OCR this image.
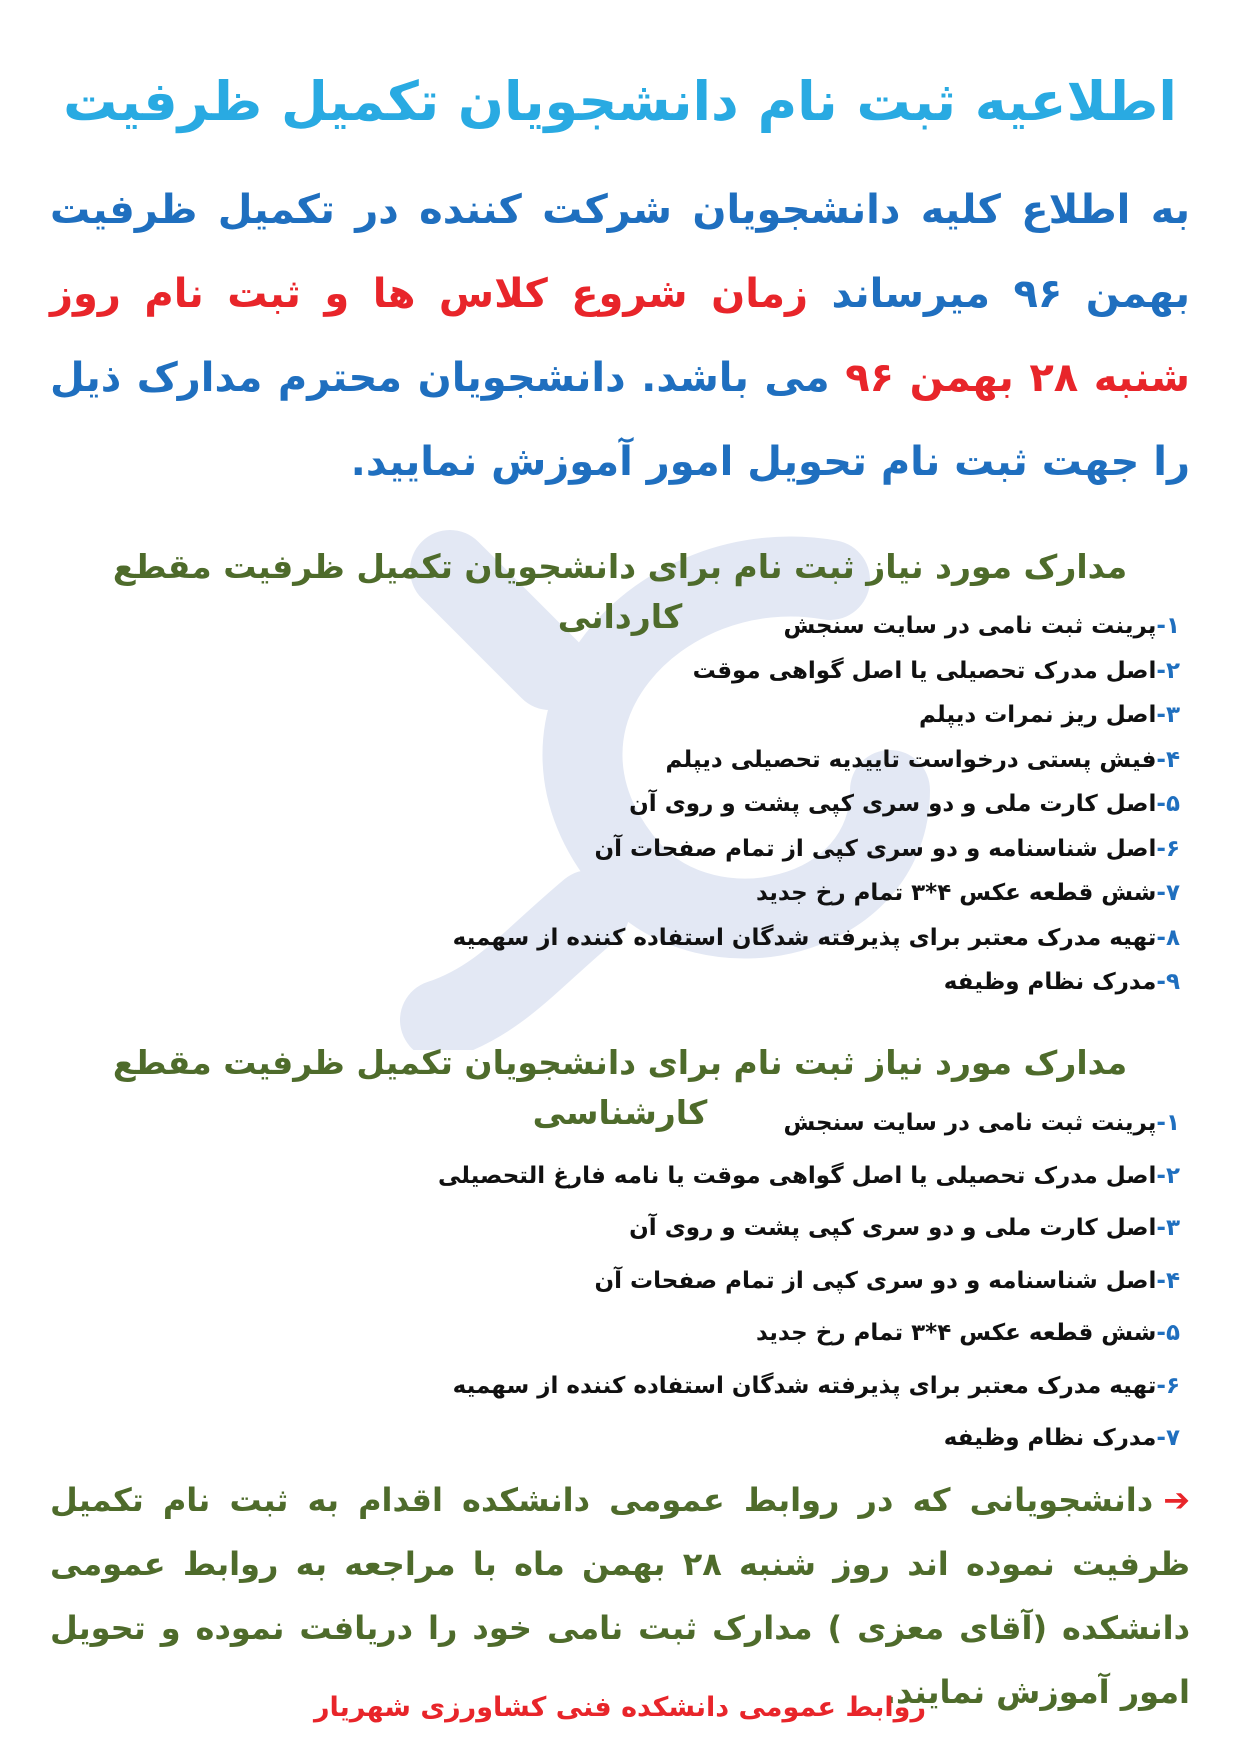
اطلاعیه ثبت نام دانشجویان تکمیل ظرفیت
به اطلاع کلیه دانشجویان شرکت کننده در تکمیل ظرفیت بهمن ۹۶ میرساند زمان شروع کلاس ها و ثبت نام روز شنبه ۲۸ بهمن ۹۶ می باشد. دانشجویان محترم مدارک ذیل را جهت ثبت نام تحویل امور آموزش نمایید.
مدارک مورد نیاز ثبت نام برای دانشجویان تکمیل ظرفیت مقطع کاردانی	۱-پرینت ثبت نامی در سایت سنجش
۲-اصل مدرک تحصیلی یا اصل گواهی موقت
۳-اصل ریز نمرات دیپلم
۴-فیش پستی درخواست تاییدیه تحصیلی دیپلم
۵-اصل کارت ملی و دو سری کپی پشت و روی آن
۶-اصل شناسنامه و دو سری کپی از تمام صفحات آن
۷-شش قطعه عکس ۴*۳ تمام رخ جدید
۸-تهیه مدرک معتبر برای پذیرفته شدگان استفاده کننده از سهمیه
۹-مدرک نظام وظیفه
مدارک مورد نیاز ثبت نام برای دانشجویان تکمیل ظرفیت مقطع کارشناسی	۱-پرینت ثبت نامی در سایت سنجش
۲-اصل مدرک تحصیلی یا اصل گواهی موقت یا نامه فارغ التحصیلی
۳-اصل کارت ملی و دو سری کپی پشت و روی آن
۴-اصل شناسنامه و دو سری کپی از تمام صفحات آن
۵-شش قطعه عکس ۴*۳ تمام رخ جدید
۶-تهیه مدرک معتبر برای پذیرفته شدگان استفاده کننده از سهمیه
۷-مدرک نظام وظیفه
➔دانشجویانی که در روابط عمومی دانشکده اقدام به ثبت نام تکمیل ظرفیت نموده اند روز شنبه ۲۸ بهمن ماه با مراجعه به روابط عمومی دانشکده (آقای معزی ) مدارک ثبت نامی خود را دریافت نموده و تحویل امور آموزش نمایند.
روابط عمومی دانشکده فنی کشاورزی شهریار
